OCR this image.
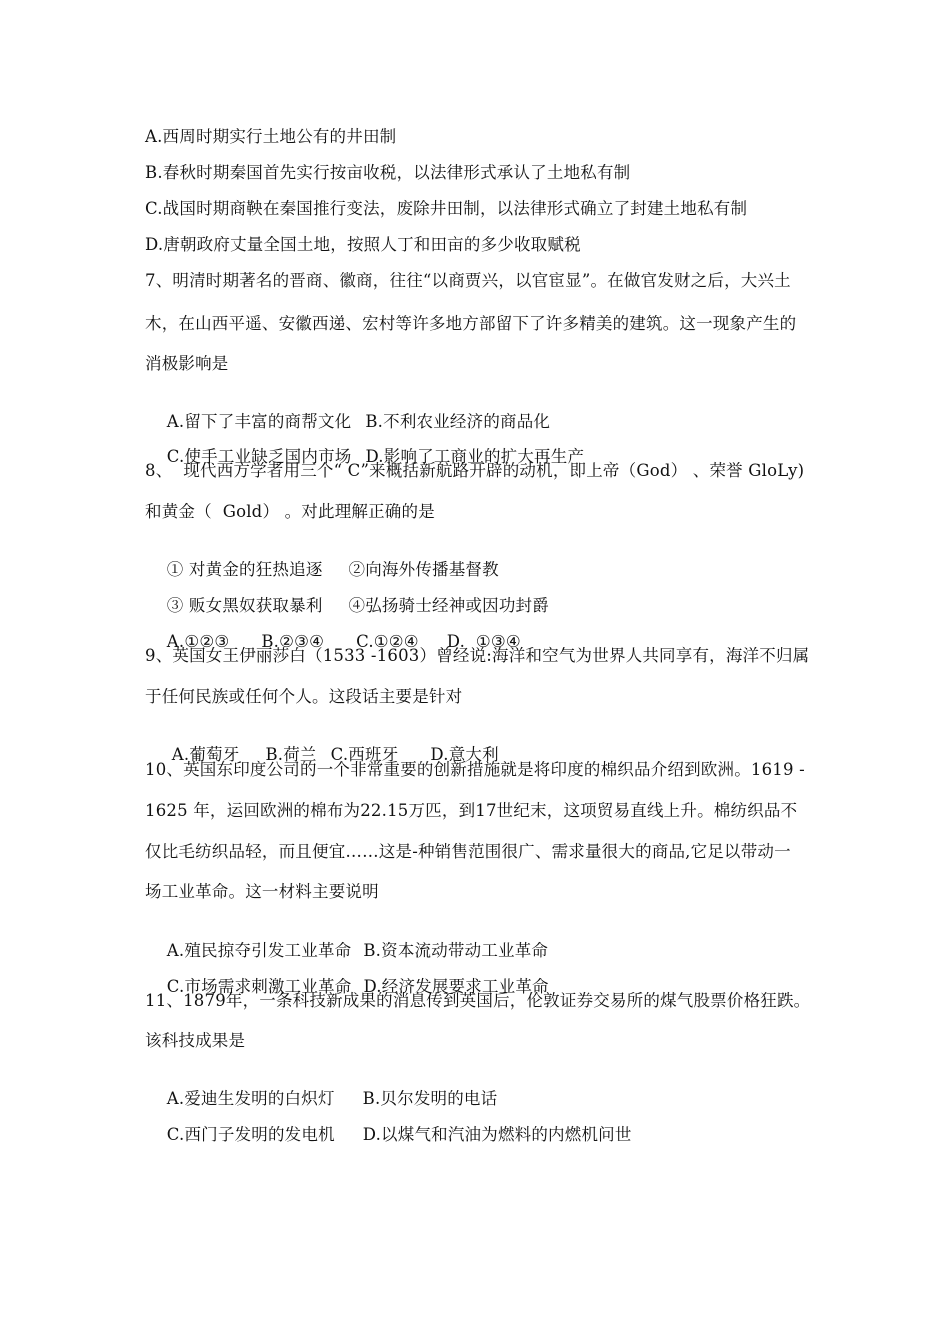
A.西周时期实行土地公有的井田制
B.春秋时期秦国首先实行按亩收税，以法律形式承认了土地私有制
C.战国时期商鞅在秦国推行变法，废除井田制，以法律形式确立了封建土地私有制
D.唐朝政府丈量全国土地，按照人丁和田亩的多少收取赋税
7、明清时期著名的晋商、徽商，往往“以商贾兴，以官宦显”。在做官发财之后，大兴土
木，在山西平遥、安徽西递、宏村等许多地方部留下了许多精美的建筑。这一现象产生的
消极影响是

A.留下了丰富的商帮文化 B.不利农业经济的商品化

C.使手工业缺乏国内市场 D.影响了工商业的扩大再生产

8、  现代西方学者用三个“ C”来概括新航路开辟的动机，即上帝（God） 、荣誉 GloLy)
和黄金（  Gold） 。对此理解正确的是

① 对黄金的狂热追逐 ②向海外传播基督教

③ 贩女黑奴获取暴利 ④弘扬骑士经神或因功封爵

A.①②③ B.②③④ C.①②④ D.  ①③④

9、英国女王伊丽莎白（1533 -1603）曾经说:海洋和空气为世界人共同享有，海洋不归属
于任何民族或任何个人。这段话主要是针对

A.葡萄牙 B.荷兰 C.西班牙 D.意大利

10、英国东印度公司的一个非常重要的创新措施就是将印度的棉织品介绍到欧洲。1619 -
1625 年，运回欧洲的棉布为22.15万匹，到17世纪末，这项贸易直线上升。棉纺织品不
仅比毛纺织品轻，而且便宜……这是-种销售范围很广、需求量很大的商品,它足以带动一
场工业革命。这一材料主要说明

A.殖民掠夺引发工业革命 B.资本流动带动工业革命

C.市场需求刺激工业革命 D.经济发展要求工业革命

11、1879年，一条科技新成果的消息传到英国后，伦敦证券交易所的煤气股票价格狂跌。
该科技成果是

A.爱迪生发明的白炽灯 B.贝尔发明的电话

C.西门子发明的发电机 D.以煤气和汽油为燃料的内燃机问世
